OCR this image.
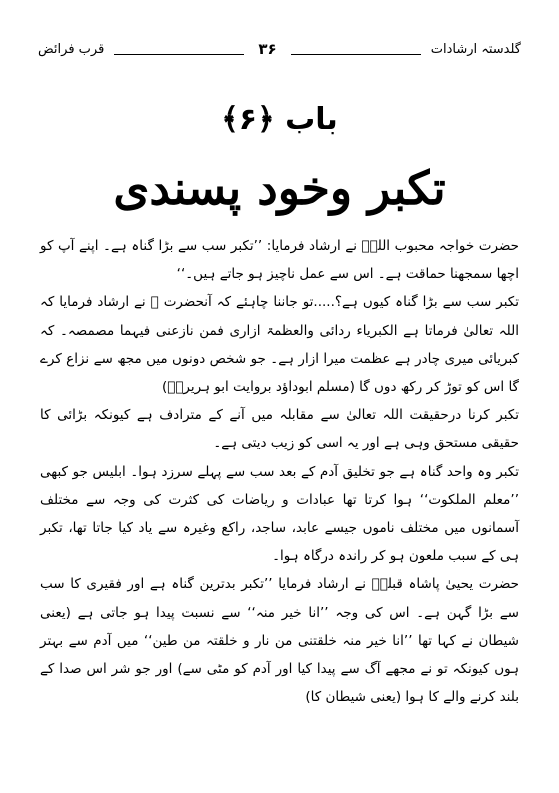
گلدستہ ارشادات
۳۶
قرب فرائض
باب ﴿۶﴾
تکبر وخود پسندی

حضرت خواجہ محبوب اللہؒ نے ارشاد فرمایا: ’’تکبر سب سے بڑا گناہ ہے۔ اپنے آپ کو اچھا سمجھنا حماقت ہے۔ اس سے عمل ناچیز ہو جاتے ہیں۔‘‘

تکبر سب سے بڑا گناہ کیوں ہے؟.....تو جاننا چاہئے کہ آنحضرت ﷺ نے ارشاد فرمایا کہ اللہ تعالیٰ فرماتا ہے الکبریاء ردائی والعظمۃ ازاری فمن نازعنی فیہما مصمصہ۔ کہ کبریائی میری چادر ہے عظمت میرا ازار ہے۔ جو شخص دونوں میں مجھ سے نزاع کرے گا اس کو توڑ کر رکھ دوں گا (مسلم ابوداؤد بروایت ابو ہریرہؓ)

تکبر کرنا درحقیقت اللہ تعالیٰ سے مقابلہ میں آنے کے مترادف ہے کیونکہ بڑائی کا حقیقی مستحق وہی ہے اور یہ اسی کو زیب دیتی ہے۔

تکبر وہ واحد گناہ ہے جو تخلیق آدم کے بعد سب سے پہلے سرزد ہوا۔ ابلیس جو کبھی ’’معلم الملکوت‘‘ ہوا کرتا تھا عبادات و ریاضات کی کثرت کی وجہ سے مختلف آسمانوں میں مختلف ناموں جیسے عابد، ساجد، راکع وغیرہ سے یاد کیا جاتا تھا، تکبر ہی کے سبب ملعون ہو کر راندہ درگاہ ہوا۔

حضرت یحییٰ پاشاہ قبلہؒ نے ارشاد فرمایا ’’تکبر بدترین گناہ ہے اور فقیری کا سب سے بڑا گہن ہے۔ اس کی وجہ ’’انا خیر منہ‘‘ سے نسبت پیدا ہو جاتی ہے (یعنی شیطان نے کہا تھا ’’انا خیر منہ خلقتنی من نار و خلقتہ من طین‘‘ میں آدم سے بہتر ہوں کیونکہ تو نے مجھے آگ سے پیدا کیا اور آدم کو مٹی سے) اور جو شر اس صدا کے بلند کرنے والے کا ہوا (یعنی شیطان کا)
